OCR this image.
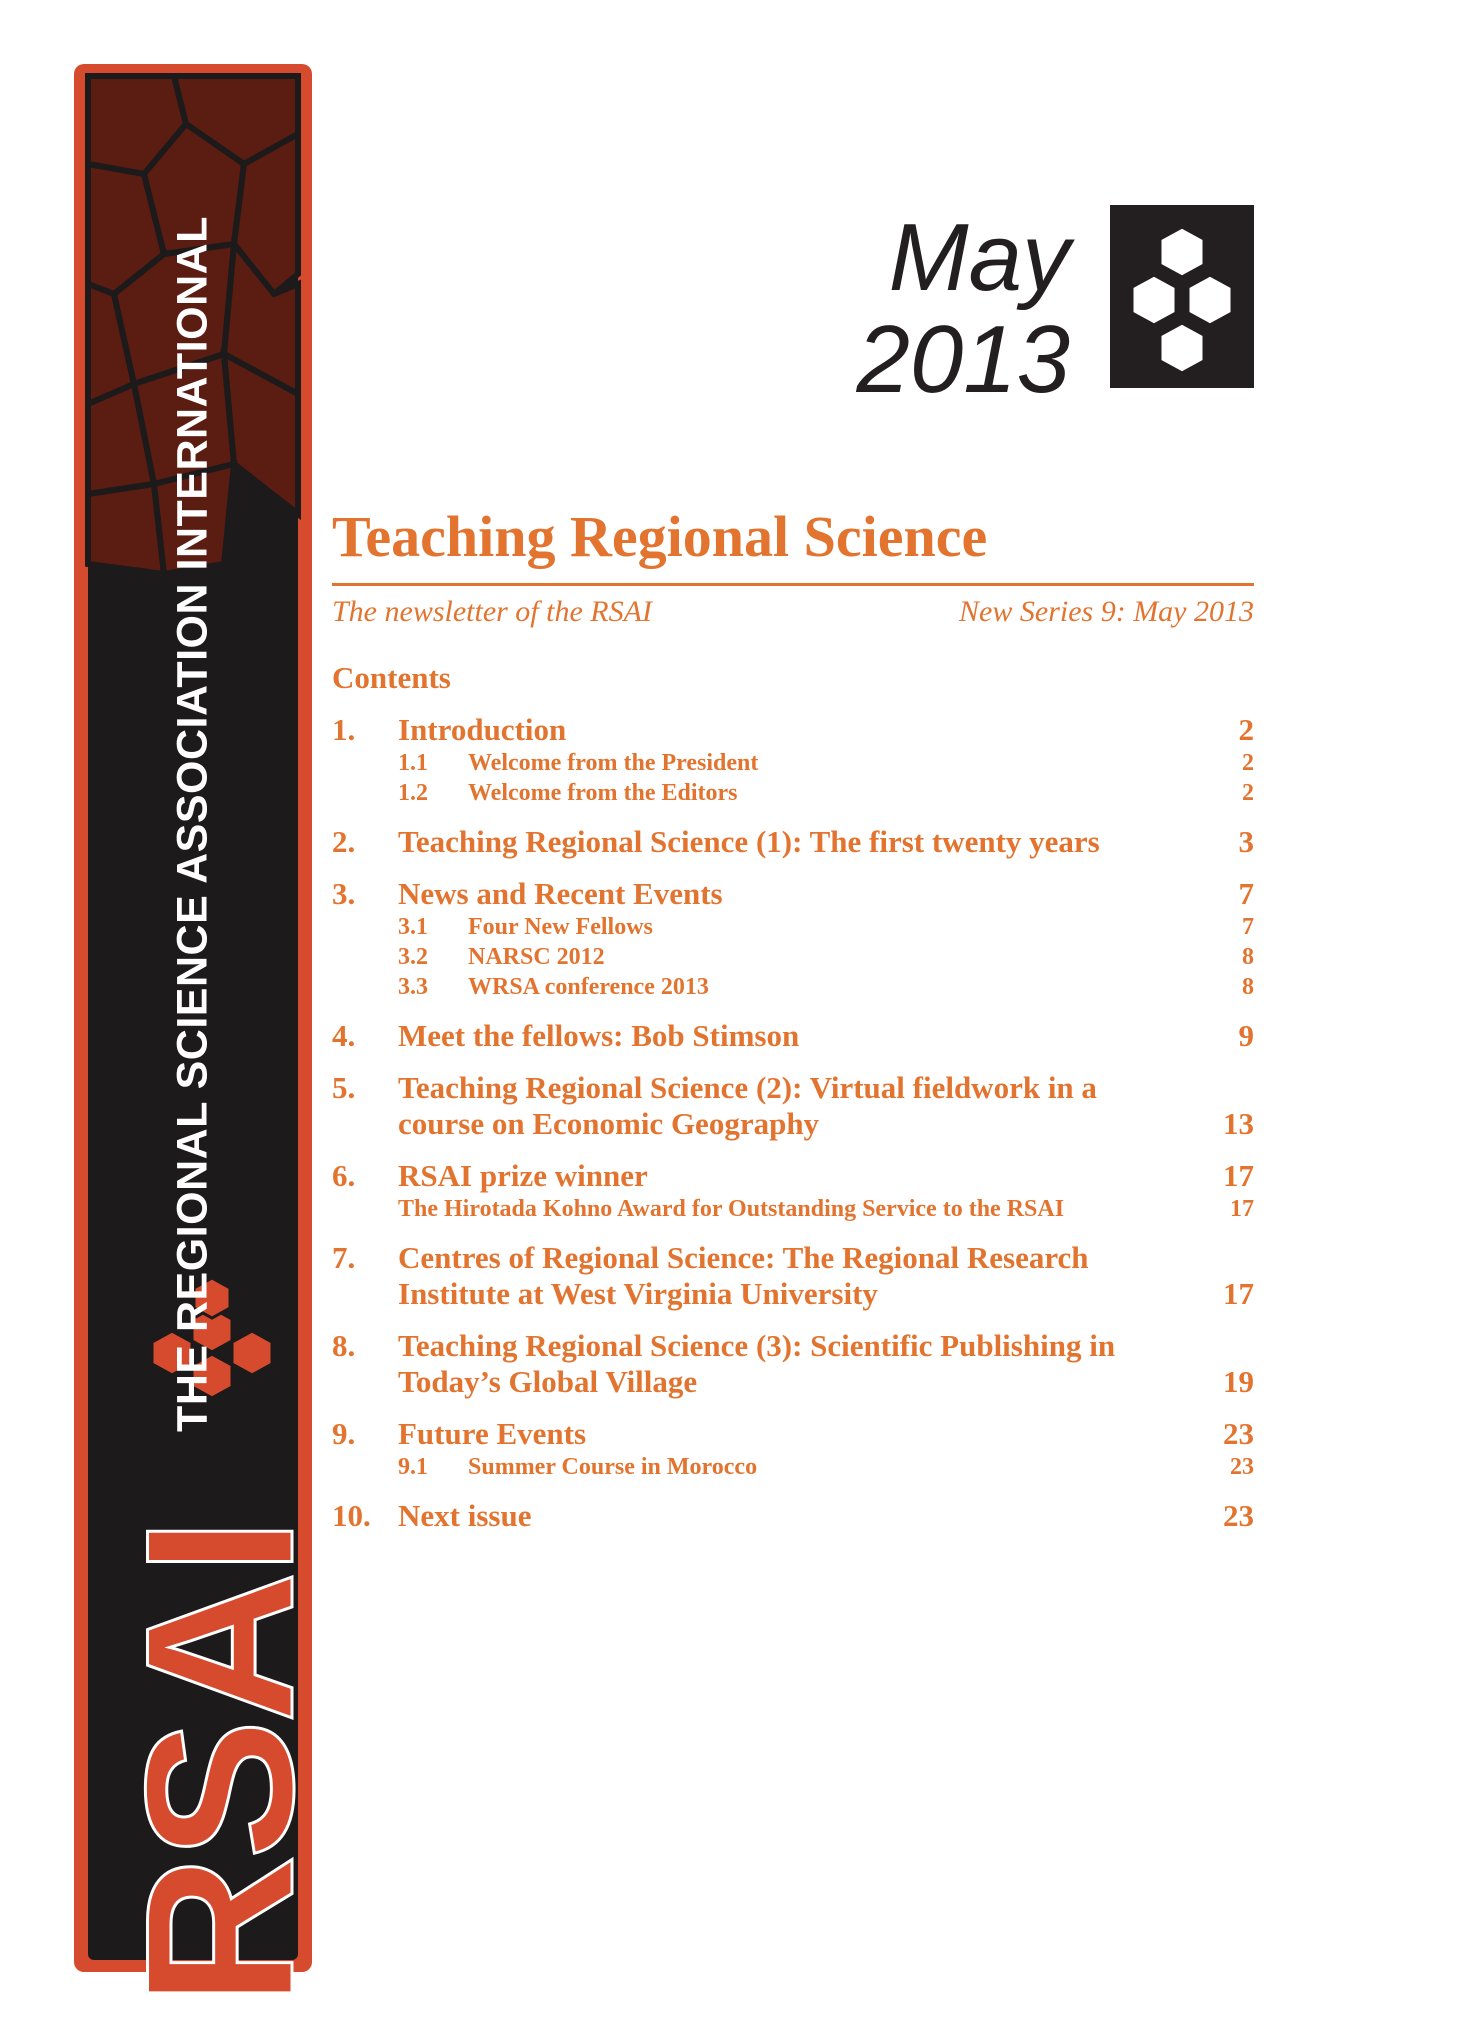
THE REGIONAL SCIENCE ASSOCIATION INTERNATIONAL
RSAI
May
2013
Teaching Regional Science
The newsletter of the RSAI	New Series 9: May 2013
Contents
1.	Introduction	2
1.1	Welcome from the President	2
1.2	Welcome from the Editors	2
2.	Teaching Regional Science (1): The first twenty years	3
3.	News and Recent Events	7
3.1	Four New Fellows	7
3.2	NARSC 2012	8
3.3	WRSA conference 2013	8
4.	Meet the fellows: Bob Stimson	9
5.	Teaching Regional Science (2): Virtual fieldwork in a
course on Economic Geography	13
6.	RSAI prize winner	17
The Hirotada Kohno Award for Outstanding Service to the RSAI	17
7.	Centres of Regional Science: The Regional Research
Institute at West Virginia University	17
8.	Teaching Regional Science (3): Scientific Publishing in
Today’s Global Village	19
9.	Future Events	23
9.1	Summer Course in Morocco	23
10. Next issue	23
